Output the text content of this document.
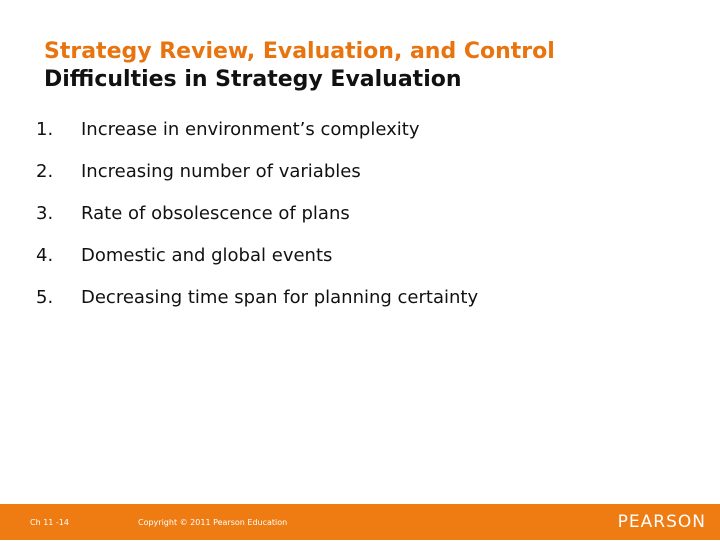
Strategy Review, Evaluation, and Control
Difficulties in Strategy Evaluation
1. Increase in environment’s complexity
2. Increasing number of variables
3. Rate of obsolescence of plans
4. Domestic and global events
5. Decreasing time span for planning certainty
Ch 11 -14	Copyright © 2011 Pearson Education	PEARSON
